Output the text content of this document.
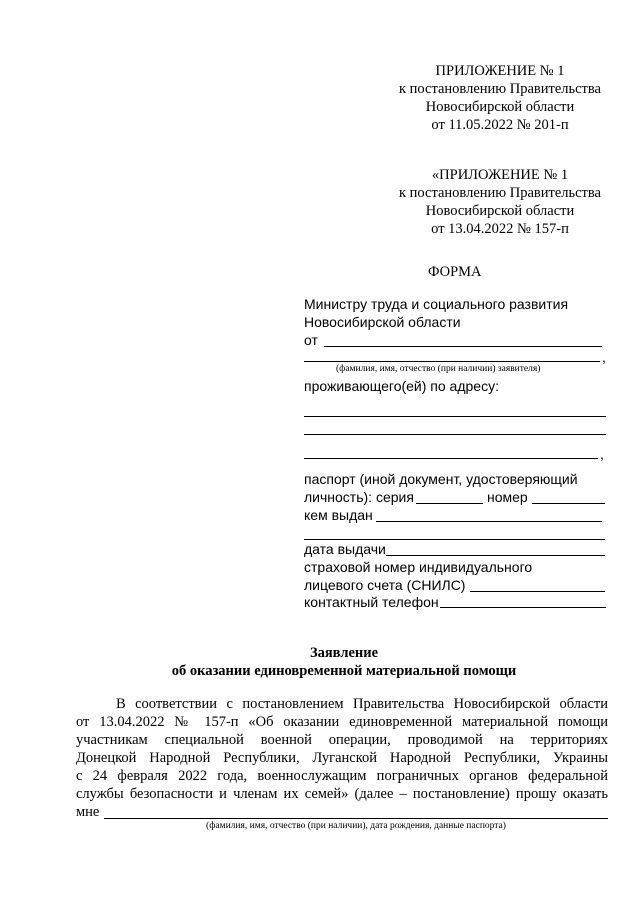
ПРИЛОЖЕНИЕ № 1
к постановлению Правительства
Новосибирской области
от 11.05.2022 № 201-п
«ПРИЛОЖЕНИЕ № 1
к постановлению Правительства
Новосибирской области
от 13.04.2022 № 157-п
ФОРМА
Министру труда и социального развития
Новосибирской области
от
,
(фамилия, имя, отчество (при наличии) заявителя)
проживающего(ей) по адресу:
,
паспорт (иной документ, удостоверяющий
личность): серия	номер
кем выдан
дата выдачи
страховой номер индивидуального
лицевого счета (СНИЛС)
контактный телефон
Заявление
об оказании единовременной материальной помощи
В соответствии с постановлением Правительства Новосибирской области
от 13.04.2022 № 157-п «Об оказании единовременной материальной помощи
участникам специальной военной операции, проводимой на территориях
Донецкой Народной Республики, Луганской Народной Республики, Украины
с 24 февраля 2022 года, военнослужащим пограничных органов федеральной
службы безопасности и членам их семей» (далее – постановление) прошу оказать
мне
(фамилия, имя, отчество (при наличии), дата рождения, данные паспорта)
